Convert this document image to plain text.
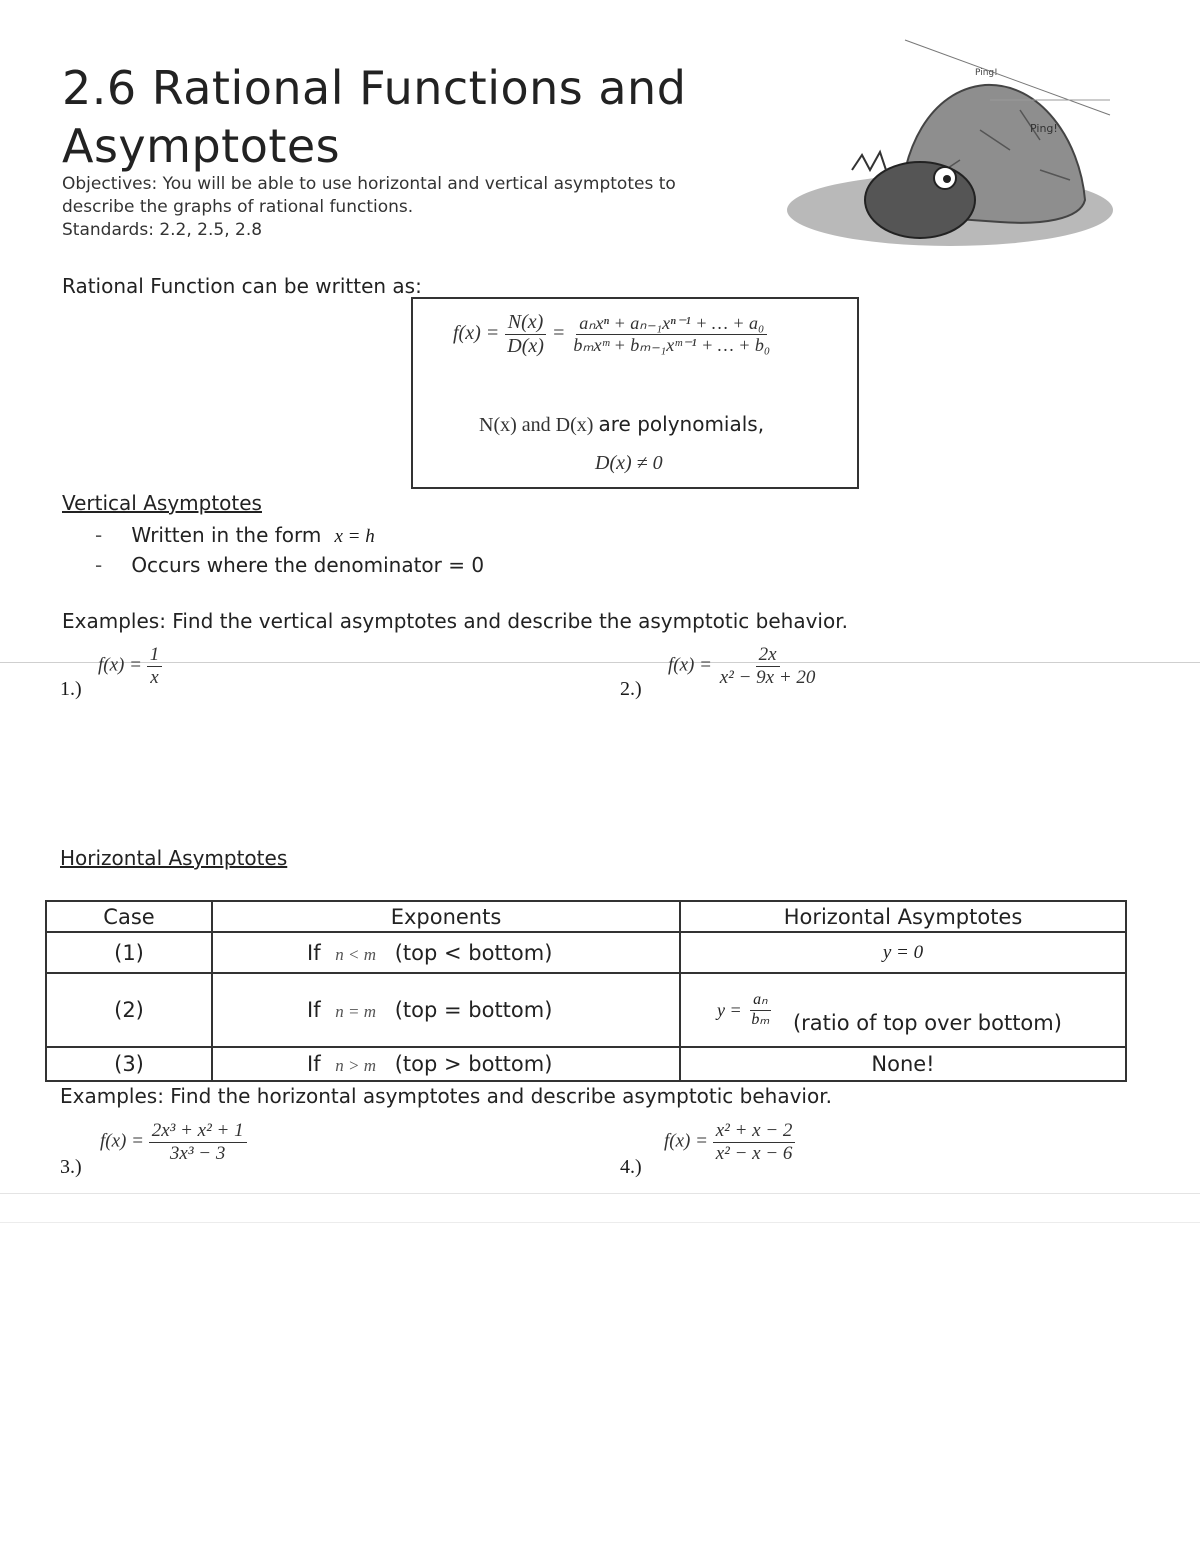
2.6 Rational Functions and
Asymptotes
Objectives: You will be able to use horizontal and vertical asymptotes to
describe the graphs of rational functions.
Standards: 2.2, 2.5, 2.8
Ping!
Ping!
Rational Function can be written as:
$f(x) = \frac{N(x)}{D(x)} = \frac{\text{aₙxⁿ + aₙ₋₁xⁿ⁻¹ + … + a₀}}{\text{bₘxᵐ + bₘ₋₁xᵐ⁻¹ + … + b₀}}$
N(x) and D(x) are polynomials,
D(x) ≠ 0
Vertical Asymptotes
- Written in the form x = h
- Occurs where the denominator = 0
Examples: Find the vertical asymptotes and describe the asymptotic behavior.
1.)
$f(x) = \frac{1}{x}$
2.)
$f(x) = \frac{2x}{\text{x² − 9x + 20}}$
Horizontal Asymptotes
Case	Exponents	Horizontal Asymptotes
(1)	If n < m (top < bottom)	y = 0
(2)	If n = m (top = bottom)	$y = \frac{\text{aₙ}}{\text{bₘ}}$ (ratio of top over bottom)
(3)	If n > m (top > bottom)	None!
Examples: Find the horizontal asymptotes and describe asymptotic behavior.
3.)
$f(x) = \frac{\text{2x³ + x² + 1}}{\text{3x³ − 3}}$
4.)
$f(x) = \frac{\text{x² + x − 2}}{\text{x² − x − 6}}$
